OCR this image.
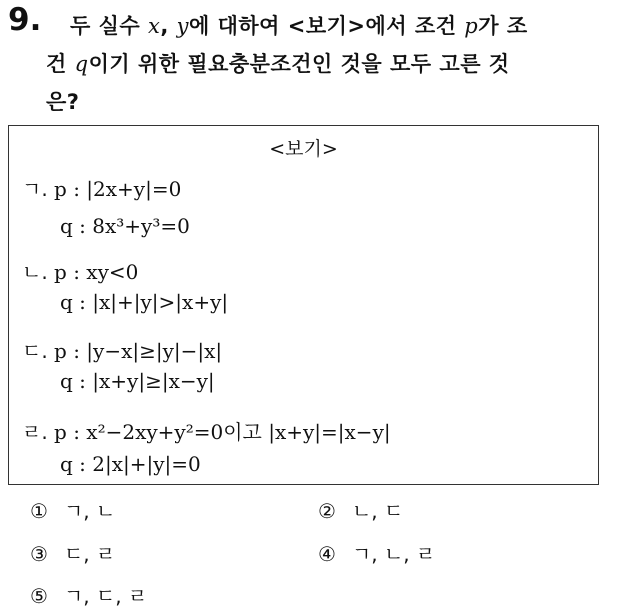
9. 두 실수 x, y에 대하여 <보기>에서 조건 p가 조
건 q이기 위한 필요충분조건인 것을 모두 고른 것
은?
<보기>
ㄱ. p : |2x+y|=0
q : 8x³+y³=0
ㄴ. p : xy<0
q : |x|+|y|>|x+y|
ㄷ. p : |y−x|≥|y|−|x|
q : |x+y|≥|x−y|
ㄹ. p : x²−2xy+y²=0이고 |x+y|=|x−y|
q : 2|x|+|y|=0
① ㄱ, ㄴ	② ㄴ, ㄷ
③ ㄷ, ㄹ	④ ㄱ, ㄴ, ㄹ
⑤ ㄱ, ㄷ, ㄹ
